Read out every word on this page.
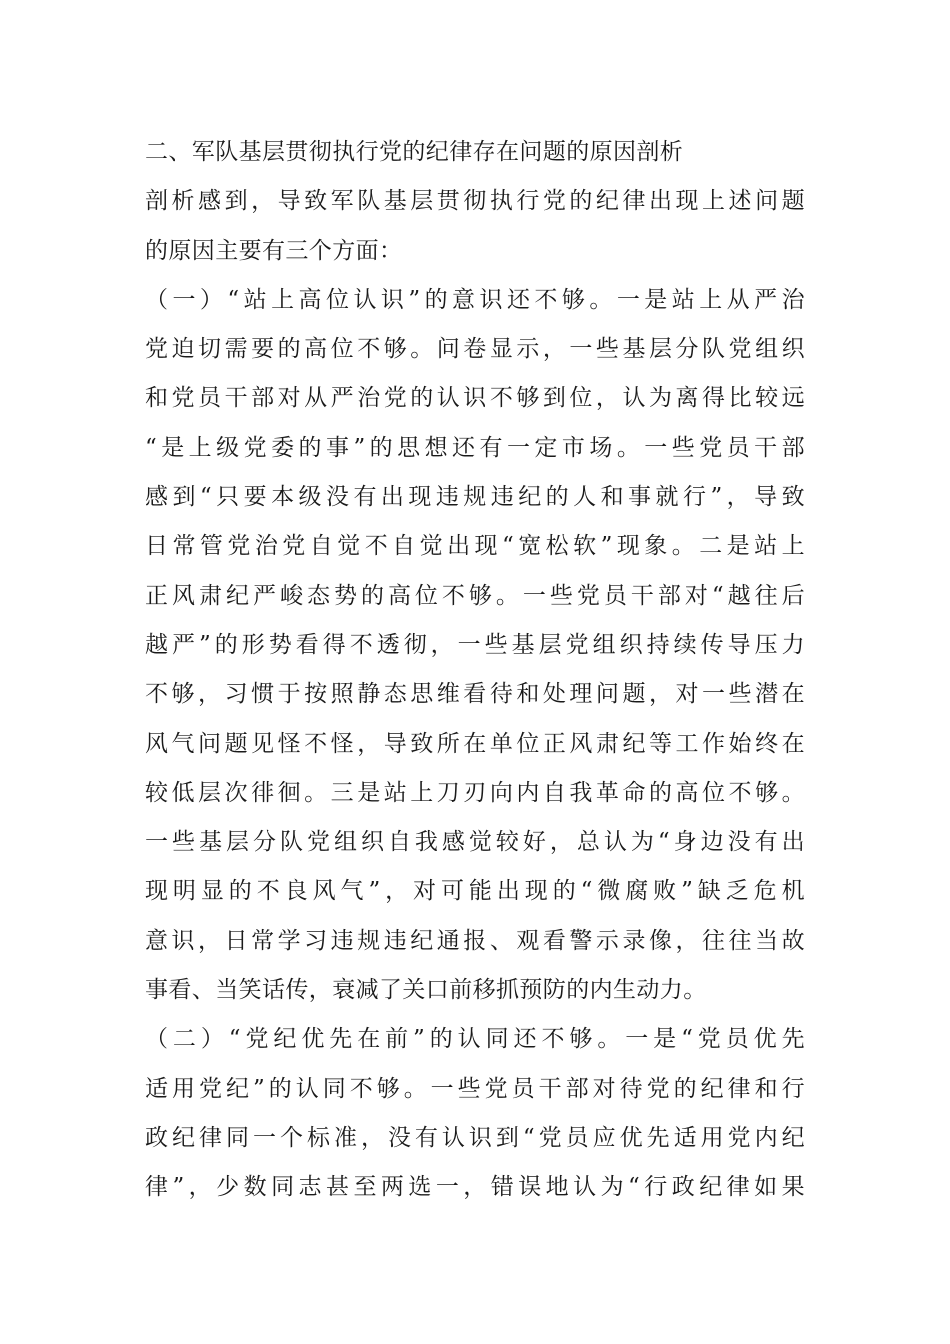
二、军队基层贯彻执行党的纪律存在问题的原因剖析
剖析感到，导致军队基层贯彻执行党的纪律出现上述问题
的原因主要有三个方面：
（一）“站上高位认识”的意识还不够。一是站上从严治
党迫切需要的高位不够。问卷显示，一些基层分队党组织
和党员干部对从严治党的认识不够到位，认为离得比较远
“是上级党委的事”的思想还有一定市场。一些党员干部
感到“只要本级没有出现违规违纪的人和事就行”，导致
日常管党治党自觉不自觉出现“宽松软”现象。二是站上
正风肃纪严峻态势的高位不够。一些党员干部对“越往后
越严”的形势看得不透彻，一些基层党组织持续传导压力
不够，习惯于按照静态思维看待和处理问题，对一些潜在
风气问题见怪不怪，导致所在单位正风肃纪等工作始终在
较低层次徘徊。三是站上刀刃向内自我革命的高位不够。
一些基层分队党组织自我感觉较好，总认为“身边没有出
现明显的不良风气”，对可能出现的“微腐败”缺乏危机
意识，日常学习违规违纪通报、观看警示录像，往往当故
事看、当笑话传，衰减了关口前移抓预防的内生动力。
（二）“党纪优先在前”的认同还不够。一是“党员优先
适用党纪”的认同不够。一些党员干部对待党的纪律和行
政纪律同一个标准，没有认识到“党员应优先适用党内纪
律”，少数同志甚至两选一，错误地认为“行政纪律如果
